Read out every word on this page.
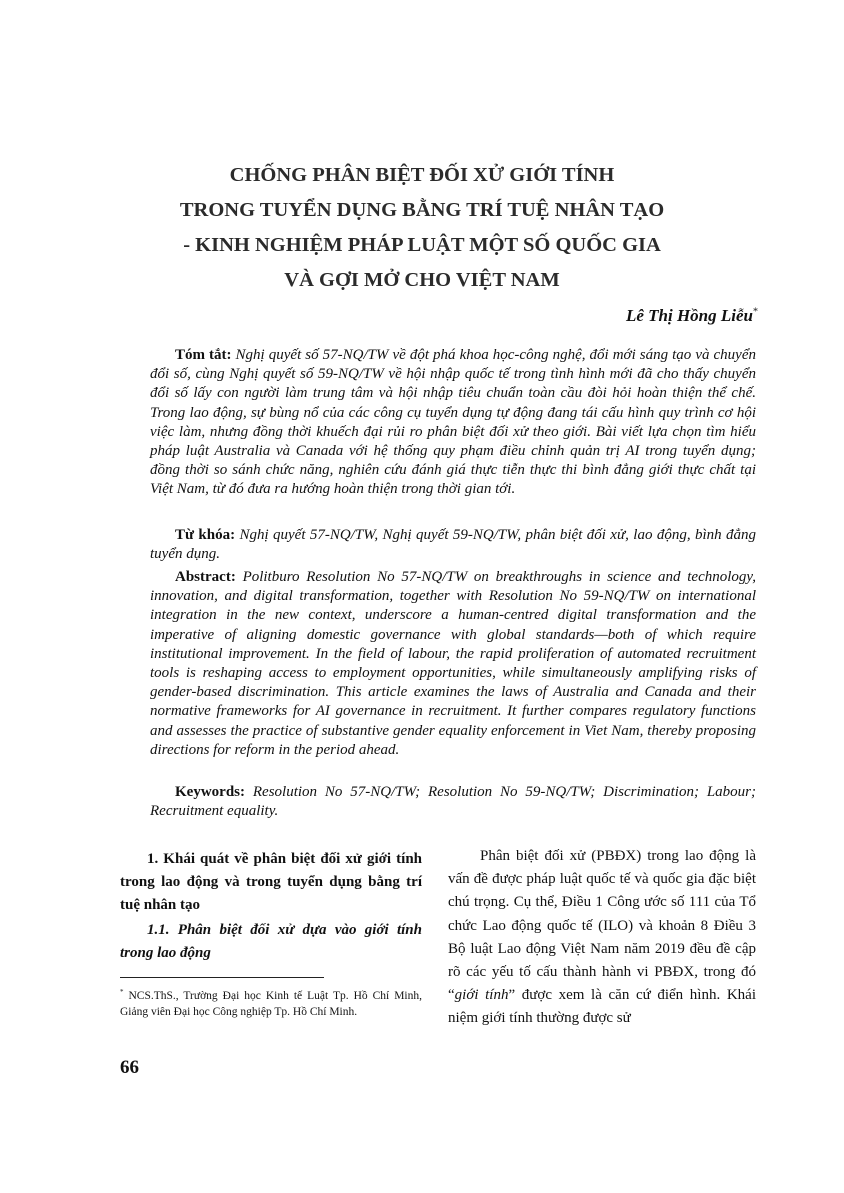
CHỐNG PHÂN BIỆT ĐỐI XỬ GIỚI TÍNH
TRONG TUYỂN DỤNG BẰNG TRÍ TUỆ NHÂN TẠO
- KINH NGHIỆM PHÁP LUẬT MỘT SỐ QUỐC GIA
VÀ GỢI MỞ CHO VIỆT NAM
Lê Thị Hồng Liễu*

Tóm tắt: Nghị quyết số 57-NQ/TW về đột phá khoa học-công nghệ, đổi mới sáng tạo và chuyển đổi số, cùng Nghị quyết số 59-NQ/TW về hội nhập quốc tế trong tình hình mới đã cho thấy chuyển đổi số lấy con người làm trung tâm và hội nhập tiêu chuẩn toàn cầu đòi hỏi hoàn thiện thể chế. Trong lao động, sự bùng nổ của các công cụ tuyển dụng tự động đang tái cấu hình quy trình cơ hội việc làm, nhưng đồng thời khuếch đại rủi ro phân biệt đối xử theo giới. Bài viết lựa chọn tìm hiểu pháp luật Australia và Canada với hệ thống quy phạm điều chỉnh quản trị AI trong tuyển dụng; đồng thời so sánh chức năng, nghiên cứu đánh giá thực tiễn thực thi bình đẳng giới thực chất tại Việt Nam, từ đó đưa ra hướng hoàn thiện trong thời gian tới.

Từ khóa: Nghị quyết 57-NQ/TW, Nghị quyết 59-NQ/TW, phân biệt đối xử, lao động, bình đẳng tuyển dụng.

Abstract: Politburo Resolution No 57-NQ/TW on breakthroughs in science and technology, innovation, and digital transformation, together with Resolution No 59-NQ/TW on international integration in the new context, underscore a human-centred digital transformation and the imperative of aligning domestic governance with global standards—both of which require institutional improvement. In the field of labour, the rapid proliferation of automated recruitment tools is reshaping access to employment opportunities, while simultaneously amplifying risks of gender-based discrimination. This article examines the laws of Australia and Canada and their normative frameworks for AI governance in recruitment. It further compares regulatory functions and assesses the practice of substantive gender equality enforcement in Viet Nam, thereby proposing directions for reform in the period ahead.

Keywords: Resolution No 57-NQ/TW; Resolution No 59-NQ/TW; Discrimination; Labour; Recruitment equality.

1. Khái quát về phân biệt đối xử giới tính trong lao động và trong tuyển dụng bằng trí tuệ nhân tạo

1.1. Phân biệt đối xử dựa vào giới tính trong lao động

* NCS.ThS., Trường Đại học Kinh tế Luật Tp. Hồ Chí Minh, Giảng viên Đại học Công nghiệp Tp. Hồ Chí Minh.

Phân biệt đối xử (PBĐX) trong lao động là vấn đề được pháp luật quốc tế và quốc gia đặc biệt chú trọng. Cụ thể, Điều 1 Công ước số 111 của Tổ chức Lao động quốc tế (ILO) và khoản 8 Điều 3 Bộ luật Lao động Việt Nam năm 2019 đều đề cập rõ các yếu tố cấu thành hành vi PBĐX, trong đó “giới tính” được xem là căn cứ điển hình. Khái niệm giới tính thường được sử

66
